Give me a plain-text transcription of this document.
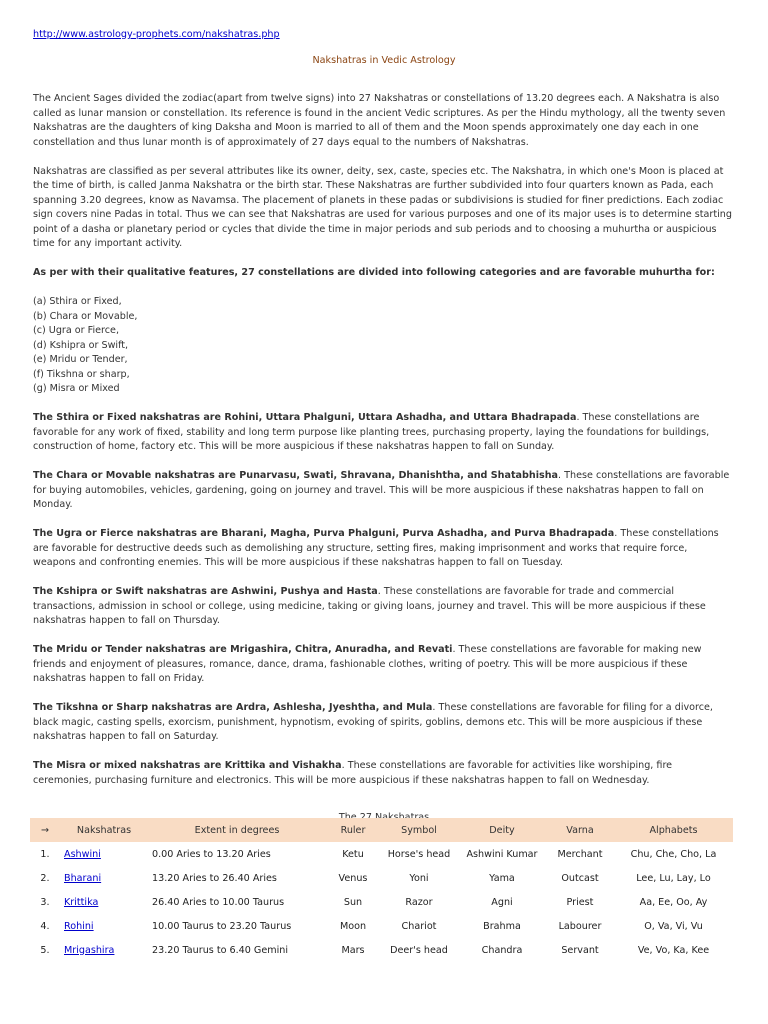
http://www.astrology-prophets.com/nakshatras.php
Nakshatras in Vedic Astrology

The Ancient Sages divided the zodiac(apart from twelve signs) into 27 Nakshatras or constellations of 13.20 degrees each. A Nakshatra is also called as lunar mansion or constellation. Its reference is found in the ancient Vedic scriptures. As per the Hindu mythology, all the twenty seven Nakshatras are the daughters of king Daksha and Moon is married to all of them and the Moon spends approximately one day each in one constellation and thus lunar month is of approximately of 27 days equal to the numbers of Nakshatras.

Nakshatras are classified as per several attributes like its owner, deity, sex, caste, species etc. The Nakshatra, in which one's Moon is placed at the time of birth, is called Janma Nakshatra or the birth star. These Nakshatras are further subdivided into four quarters known as Pada, each spanning 3.20 degrees, know as Navamsa. The placement of planets in these padas or subdivisions is studied for finer predictions. Each zodiac sign covers nine Padas in total. Thus we can see that Nakshatras are used for various purposes and one of its major uses is to determine starting point of a dasha or planetary period or cycles that divide the time in major periods and sub periods and to choosing a muhurtha or auspicious time for any important activity.

As per with their qualitative features, 27 constellations are divided into following categories and are favorable muhurtha for:

(a) Sthira or Fixed,
(b) Chara or Movable,
(c) Ugra or Fierce,
(d) Kshipra or Swift,
(e) Mridu or Tender,
(f) Tikshna or sharp,
(g) Misra or Mixed

The Sthira or Fixed nakshatras are Rohini, Uttara Phalguni, Uttara Ashadha, and Uttara Bhadrapada. These constellations are favorable for any work of fixed, stability and long term purpose like planting trees, purchasing property, laying the foundations for buildings, construction of home, factory etc. This will be more auspicious if these nakshatras happen to fall on Sunday.

The Chara or Movable nakshatras are Punarvasu, Swati, Shravana, Dhanishtha, and Shatabhisha. These constellations are favorable for buying automobiles, vehicles, gardening, going on journey and travel. This will be more auspicious if these nakshatras happen to fall on Monday.

The Ugra or Fierce nakshatras are Bharani, Magha, Purva Phalguni, Purva Ashadha, and Purva Bhadrapada. These constellations are favorable for destructive deeds such as demolishing any structure, setting fires, making imprisonment and works that require force, weapons and confronting enemies. This will be more auspicious if these nakshatras happen to fall on Tuesday.

The Kshipra or Swift nakshatras are Ashwini, Pushya and Hasta. These constellations are favorable for trade and commercial transactions, admission in school or college, using medicine, taking or giving loans, journey and travel. This will be more auspicious if these nakshatras happen to fall on Thursday.

The Mridu or Tender nakshatras are Mrigashira, Chitra, Anuradha, and Revati. These constellations are favorable for making new friends and enjoyment of pleasures, romance, dance, drama, fashionable clothes, writing of poetry. This will be more auspicious if these nakshatras happen to fall on Friday.

The Tikshna or Sharp nakshatras are Ardra, Ashlesha, Jyeshtha, and Mula. These constellations are favorable for filing for a divorce, black magic, casting spells, exorcism, punishment, hypnotism, evoking of spirits, goblins, demons etc. This will be more auspicious if these nakshatras happen to fall on Saturday.

The Misra or mixed nakshatras are Krittika and Vishakha. These constellations are favorable for activities like worshiping, fire ceremonies, purchasing furniture and electronics. This will be more auspicious if these nakshatras happen to fall on Wednesday.

The 27 Nakshatras
→	Nakshatras	Extent in degrees	Ruler	Symbol	Deity	Varna	Alphabets
1.	Ashwini	0.00 Aries to 13.20 Aries	Ketu	Horse's head	Ashwini Kumar	Merchant	Chu, Che, Cho, La
2.	Bharani	13.20 Aries to 26.40 Aries	Venus	Yoni	Yama	Outcast	Lee, Lu, Lay, Lo
3.	Krittika	26.40 Aries to 10.00 Taurus	Sun	Razor	Agni	Priest	Aa, Ee, Oo, Ay
4.	Rohini	10.00 Taurus to 23.20 Taurus	Moon	Chariot	Brahma	Labourer	O, Va, Vi, Vu
5.	Mrigashira	23.20 Taurus to 6.40 Gemini	Mars	Deer's head	Chandra	Servant	Ve, Vo, Ka, Kee
